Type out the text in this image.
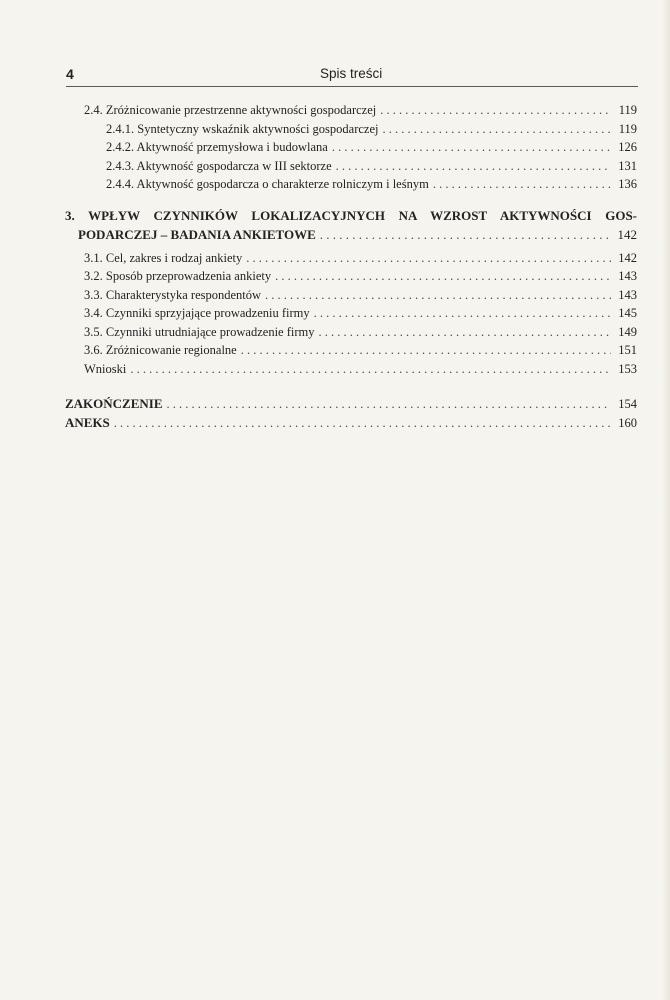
4	Spis treści
2.4. Zróżnicowanie przestrzenne aktywności gospodarczej . . .	119
2.4.1. Syntetyczny wskaźnik aktywności gospodarczej . . .	119
2.4.2. Aktywność przemysłowa i budowlana . . .	126
2.4.3. Aktywność gospodarcza w III sektorze . . .	131
2.4.4. Aktywność gospodarcza o charakterze rolniczym i leśnym . . .	136
3. WPŁYW CZYNNIKÓW LOKALIZACYJNYCH NA WZROST AKTYWNOŚCI GOS-
PODARCZEJ – BADANIA ANKIETOWE . . .	142
3.1. Cel, zakres i rodzaj ankiety . . .	142
3.2. Sposób przeprowadzenia ankiety . . .	143
3.3. Charakterystyka respondentów . . .	143
3.4. Czynniki sprzyjające prowadzeniu firmy . . .	145
3.5. Czynniki utrudniające prowadzenie firmy . . .	149
3.6. Zróżnicowanie regionalne . . .	151
Wnioski . . .	153
ZAKOŃCZENIE . . .	154
ANEKS . . .	160
